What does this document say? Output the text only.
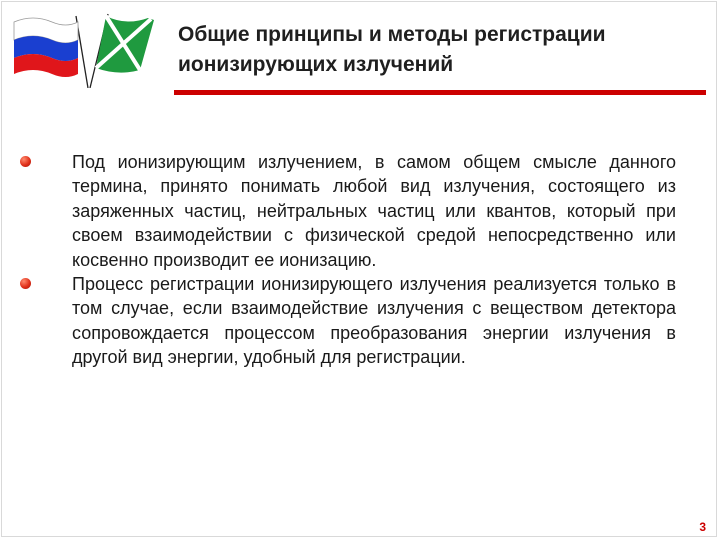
Общие принципы и методы регистрации
ионизирующих излучений
Под ионизирующим излучением, в самом общем смысле данного термина, принято понимать любой вид излучения, состоящего из заряженных частиц, нейтральных частиц или квантов, который при своем взаимодействии с физической средой непосредственно или косвенно производит ее ионизацию.
Процесс регистрации ионизирующего излучения реализуется только в том случае, если взаимодействие излучения с веществом детектора сопровождается процессом преобразования энергии излучения в другой вид энергии, удобный для регистрации.
3
